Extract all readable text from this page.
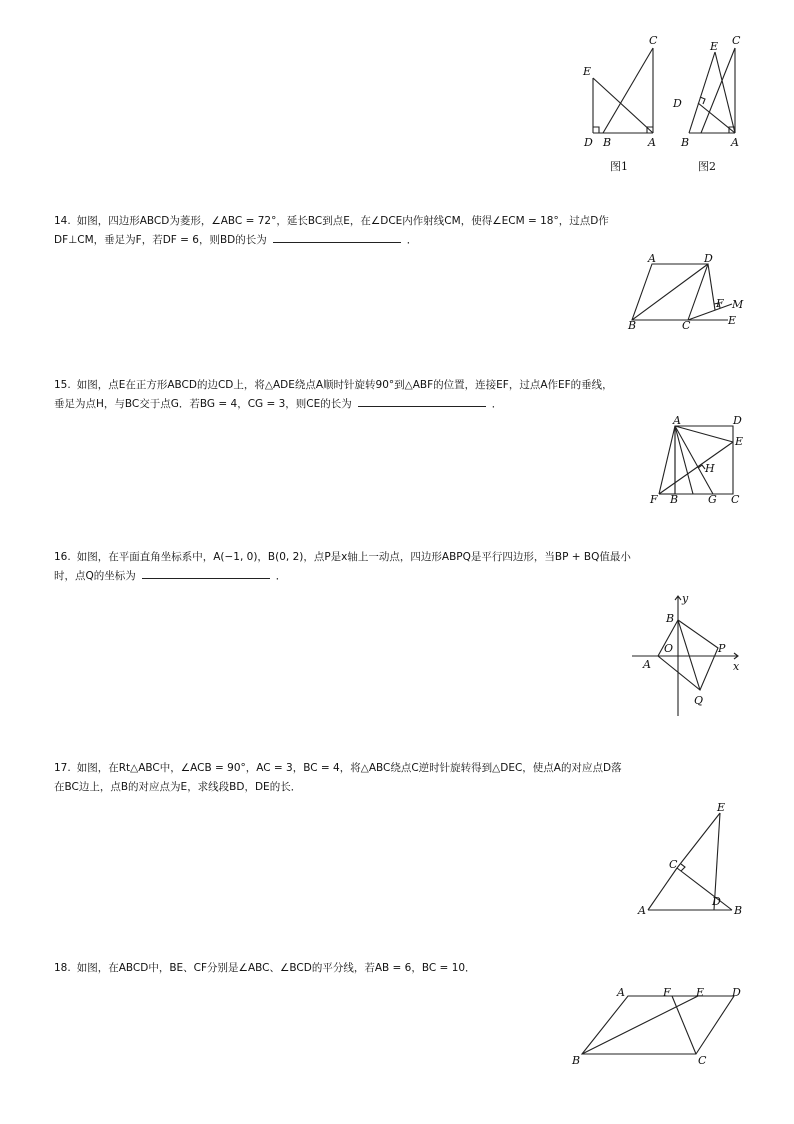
C
E
D B	A
图1
E C
D
B	A
图2
14. 如图，四边形ABCD为菱形，∠ABC = 72°，延长BC到点E，在∠DCE内作射线CM，使得∠ECM = 18°，过点D作
DF⊥CM，垂足为F，若DF = 6，则BD的长为	．
A	D
F M
B	C	E
15. 如图，点E在正方形ABCD的边CD上，将△ADE绕点A顺时针旋转90°到△ABF的位置，连接EF，过点A作EF的垂线，
垂足为点H，与BC交于点G．若BG = 4，CG = 3，则CE的长为	．
A	D
E
H
F B	G C
16. 如图，在平面直角坐标系中，A(−1, 0)，B(0, 2)，点P是x轴上一动点，四边形ABPQ是平行四边形，当BP + BQ值最小
时，点Q的坐标为	．
y
B
O	P
A	x
Q
17. 如图，在Rt△ABC中，∠ACB = 90°，AC = 3，BC = 4，将△ABC绕点C逆时针旋转得到△DEC，使点A的对应点D落
在BC边上，点B的对应点为E，求线段BD，DE的长．
E
C
A
D
B
18. 如图，在ABCD中，BE、CF分别是∠ABC、∠BCD的平分线，若AB = 6，BC = 10．
A	F E	D
B	C
